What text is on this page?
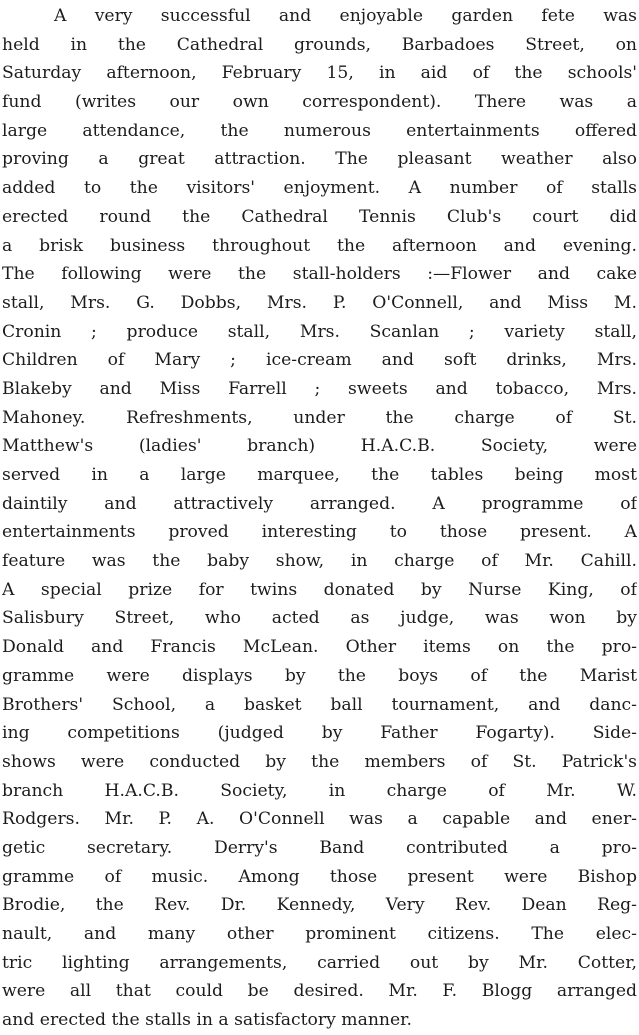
A very successful and enjoyable garden fete was
held in the Cathedral grounds, Barbadoes Street, on
Saturday afternoon, February 15, in aid of the schools'
fund (writes our own correspondent). There was a
large attendance, the numerous entertainments offered
proving a great attraction. The pleasant weather also
added to the visitors' enjoyment. A number of stalls
erected round the Cathedral Tennis Club's court did
a brisk business throughout the afternoon and evening.
The following were the stall-holders :—Flower and cake
stall, Mrs. G. Dobbs, Mrs. P. O'Connell, and Miss M.
Cronin ; produce stall, Mrs. Scanlan ; variety stall,
Children of Mary ; ice-cream and soft drinks, Mrs.
Blakeby and Miss Farrell ; sweets and tobacco, Mrs.
Mahoney. Refreshments, under the charge of St.
Matthew's (ladies' branch) H.A.C.B. Society, were
served in a large marquee, the tables being most
daintily and attractively arranged. A programme of
entertainments proved interesting to those present. A
feature was the baby show, in charge of Mr. Cahill.
A special prize for twins donated by Nurse King, of
Salisbury Street, who acted as judge, was won by
Donald and Francis McLean. Other items on the pro-
gramme were displays by the boys of the Marist
Brothers' School, a basket ball tournament, and danc-
ing competitions (judged by Father Fogarty). Side-
shows were conducted by the members of St. Patrick's
branch H.A.C.B. Society, in charge of Mr. W.
Rodgers. Mr. P. A. O'Connell was a capable and ener-
getic secretary. Derry's Band contributed a pro-
gramme of music. Among those present were Bishop
Brodie, the Rev. Dr. Kennedy, Very Rev. Dean Reg-
nault, and many other prominent citizens. The elec-
tric lighting arrangements, carried out by Mr. Cotter,
were all that could be desired. Mr. F. Blogg arranged
and erected the stalls in a satisfactory manner.
